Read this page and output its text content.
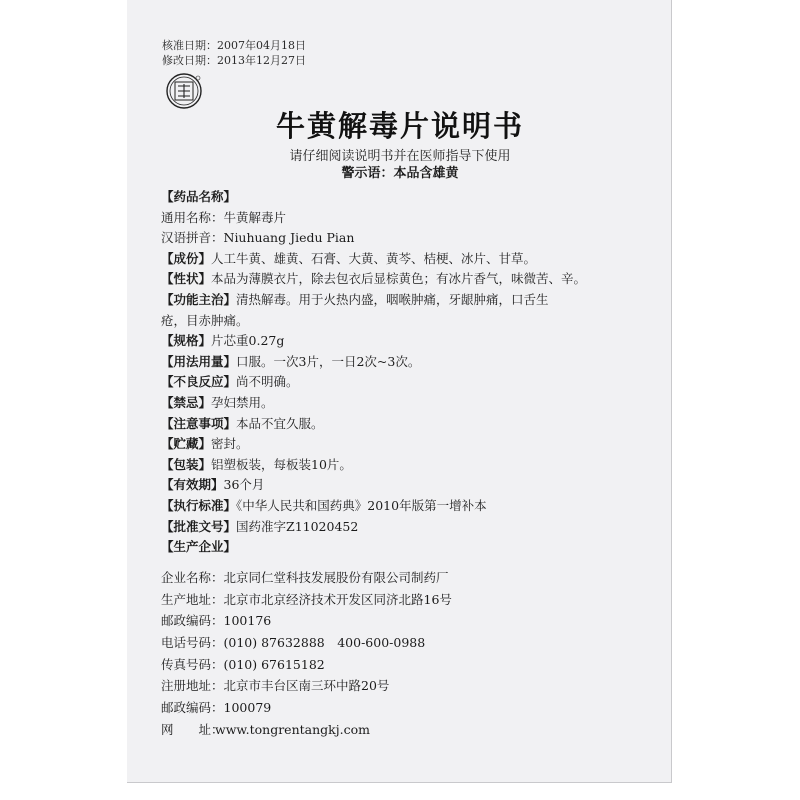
核准日期：2007年04月18日
修改日期：2013年12月27日
牛黄解毒片说明书
请仔细阅读说明书并在医师指导下使用
警示语：本品含雄黄
【药品名称】
通用名称：牛黄解毒片
汉语拼音：Niuhuang Jiedu Pian
【成份】人工牛黄、雄黄、石膏、大黄、黄芩、桔梗、冰片、甘草。
【性状】本品为薄膜衣片，除去包衣后显棕黄色；有冰片香气，味微苦、辛。
【功能主治】清热解毒。用于火热内盛，咽喉肿痛，牙龈肿痛，口舌生疮，目赤肿痛。
【规格】片芯重0.27g
【用法用量】口服。一次3片，一日2次~3次。
【不良反应】尚不明确。
【禁忌】孕妇禁用。
【注意事项】本品不宜久服。
【贮藏】密封。
【包装】铝塑板装，每板装10片。
【有效期】36个月
【执行标准】《中华人民共和国药典》2010年版第一增补本
【批准文号】国药准字Z11020452
【生产企业】
企业名称：北京同仁堂科技发展股份有限公司制药厂
生产地址：北京市北京经济技术开发区同济北路16号
邮政编码：100176
电话号码：(010) 87632888　400-600-0988
传真号码：(010) 67615182
注册地址：北京市丰台区南三环中路20号
邮政编码：100079
网　　址：www.tongrentangkj.com
